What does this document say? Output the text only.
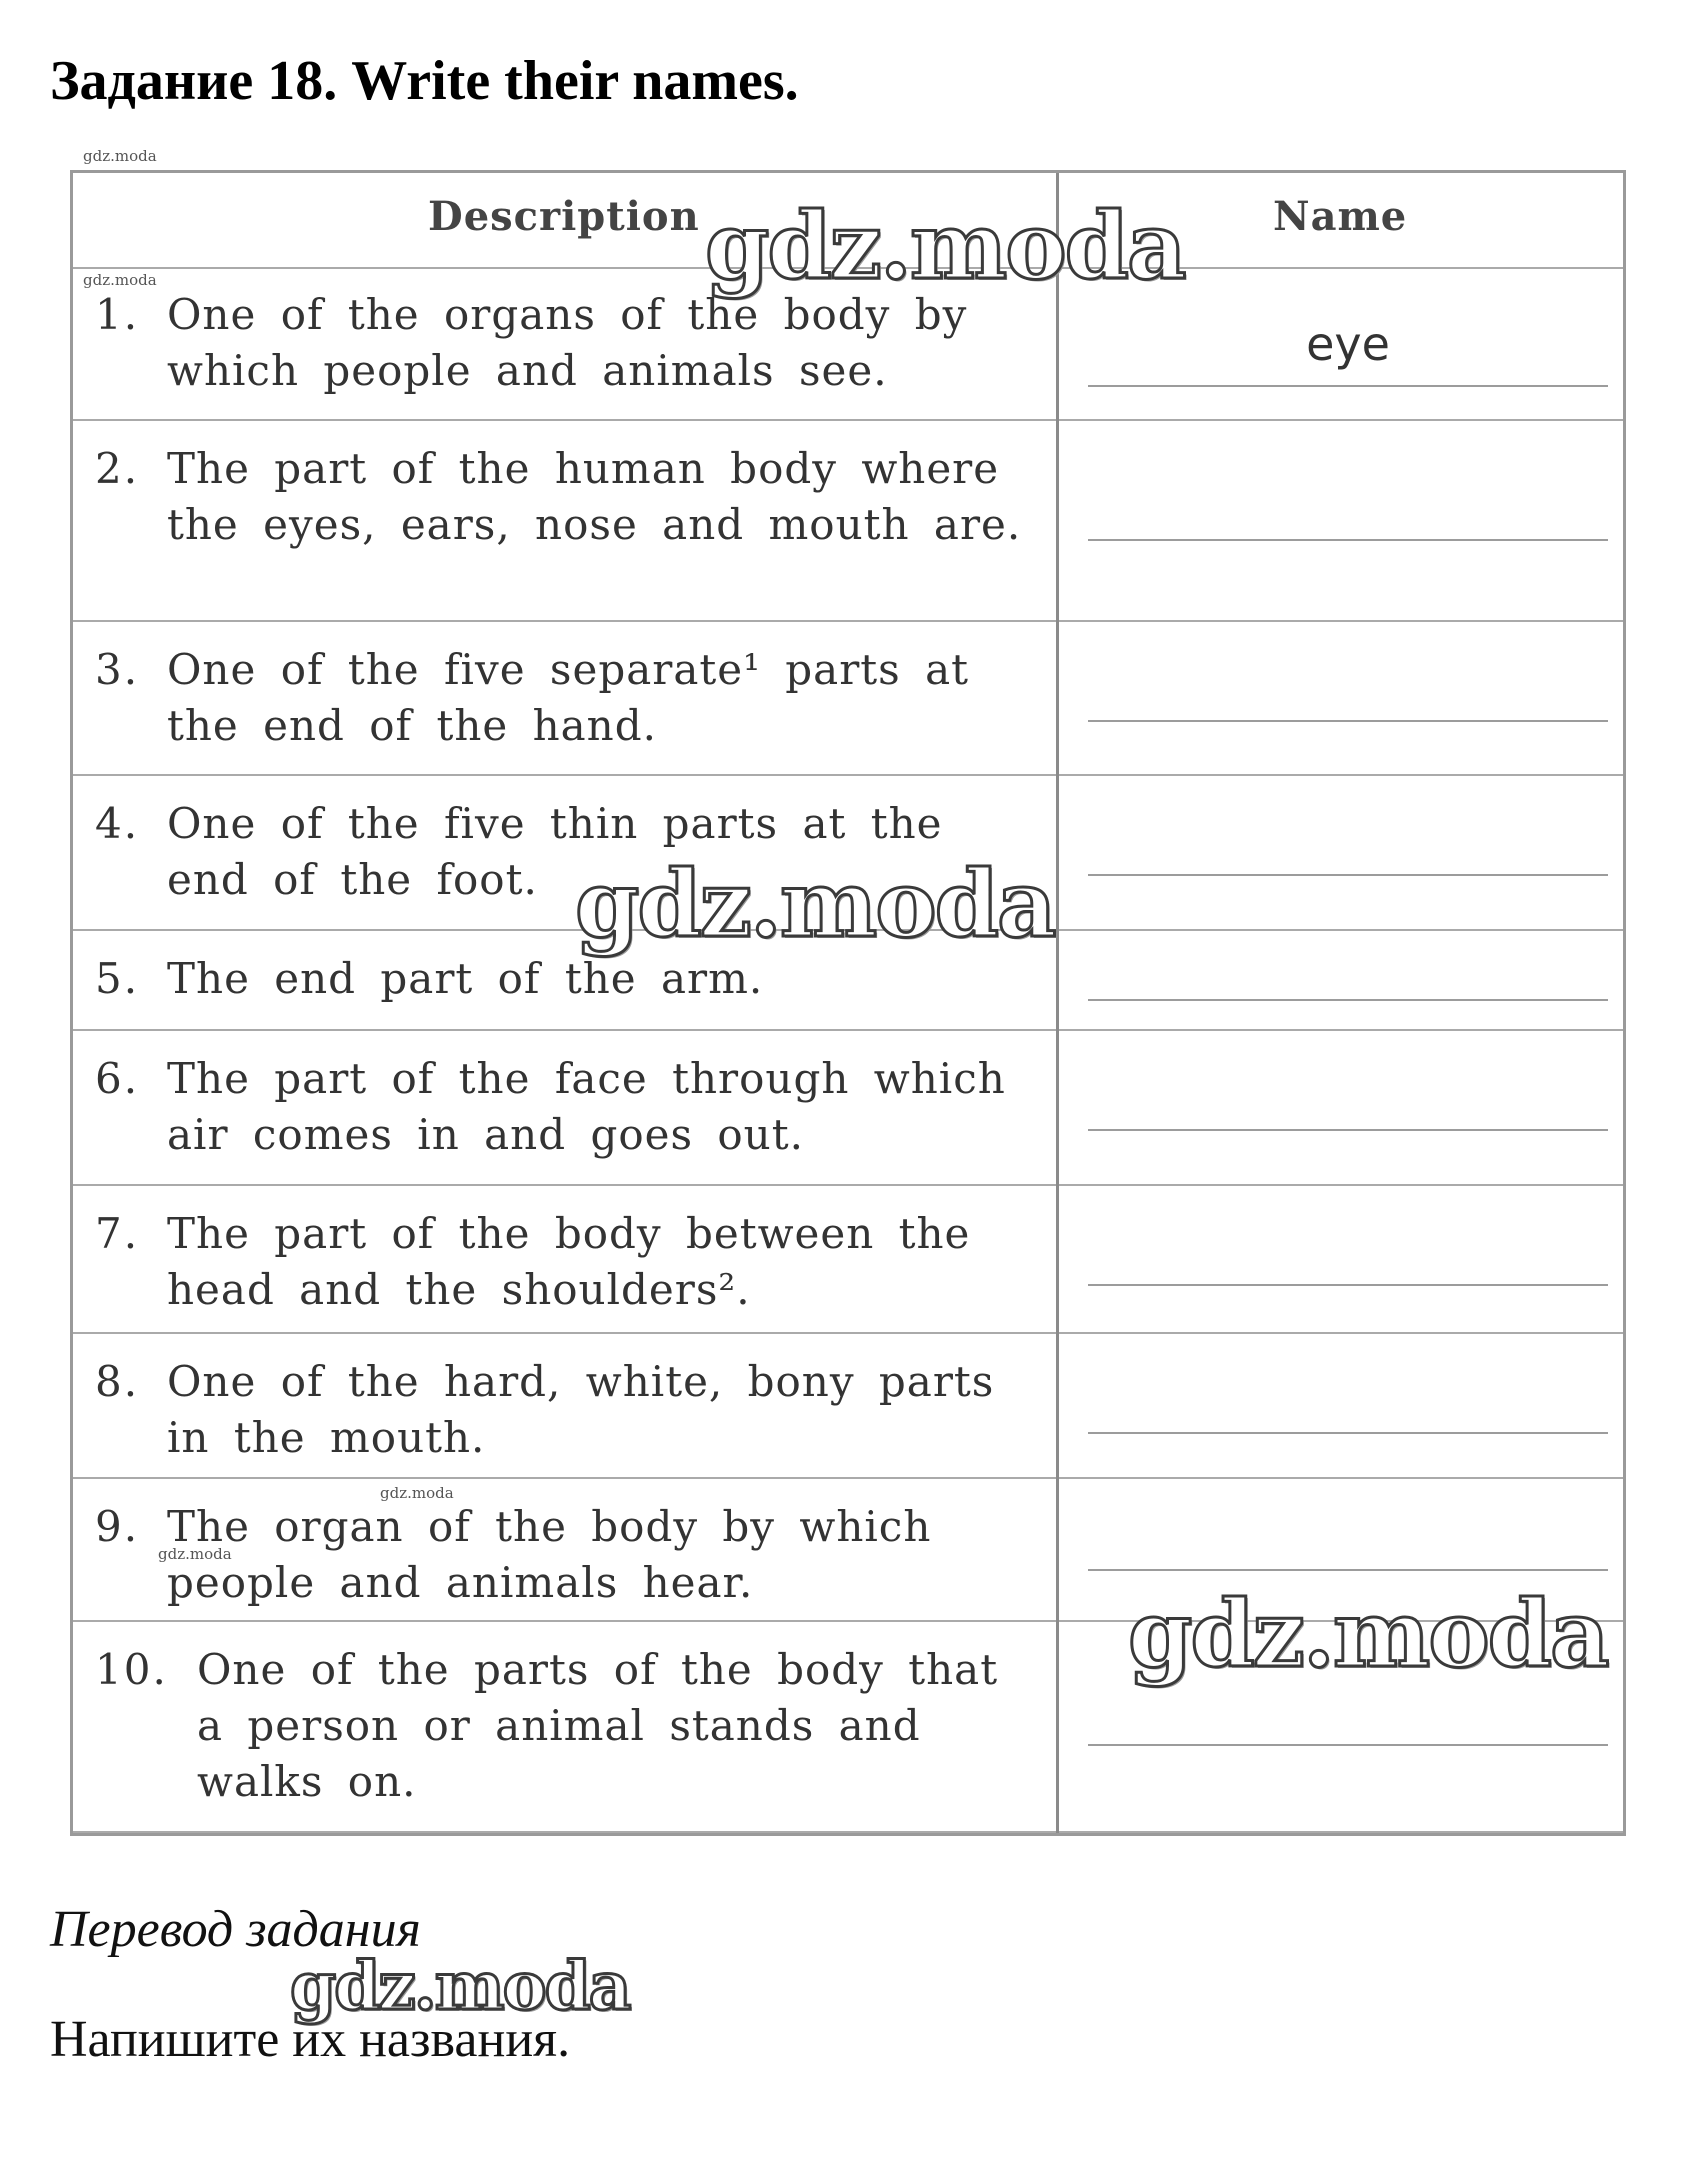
Задание 18. Write their names.
gdz.moda
gdz.moda
gdz.moda
gdz.moda
gdz.moda
gdz.moda
gdz.moda
gdz.moda
Description	Name
1. One of the organs of the body by which people and animals see.	eye
2. The part of the human body where the eyes, ears, nose and mouth are.
3. One of the five separate¹ parts at the end of the hand.
4. One of the five thin parts at the end of the foot.
5. The end part of the arm.
6. The part of the face through which air comes in and goes out.
7. The part of the body between the head and the shoulders².
8. One of the hard, white, bony parts in the mouth.
9. The organ of the body by which people and animals hear.
10. One of the parts of the body that a person or animal stands and walks on.

Перевод задания

Напишите их названия.
